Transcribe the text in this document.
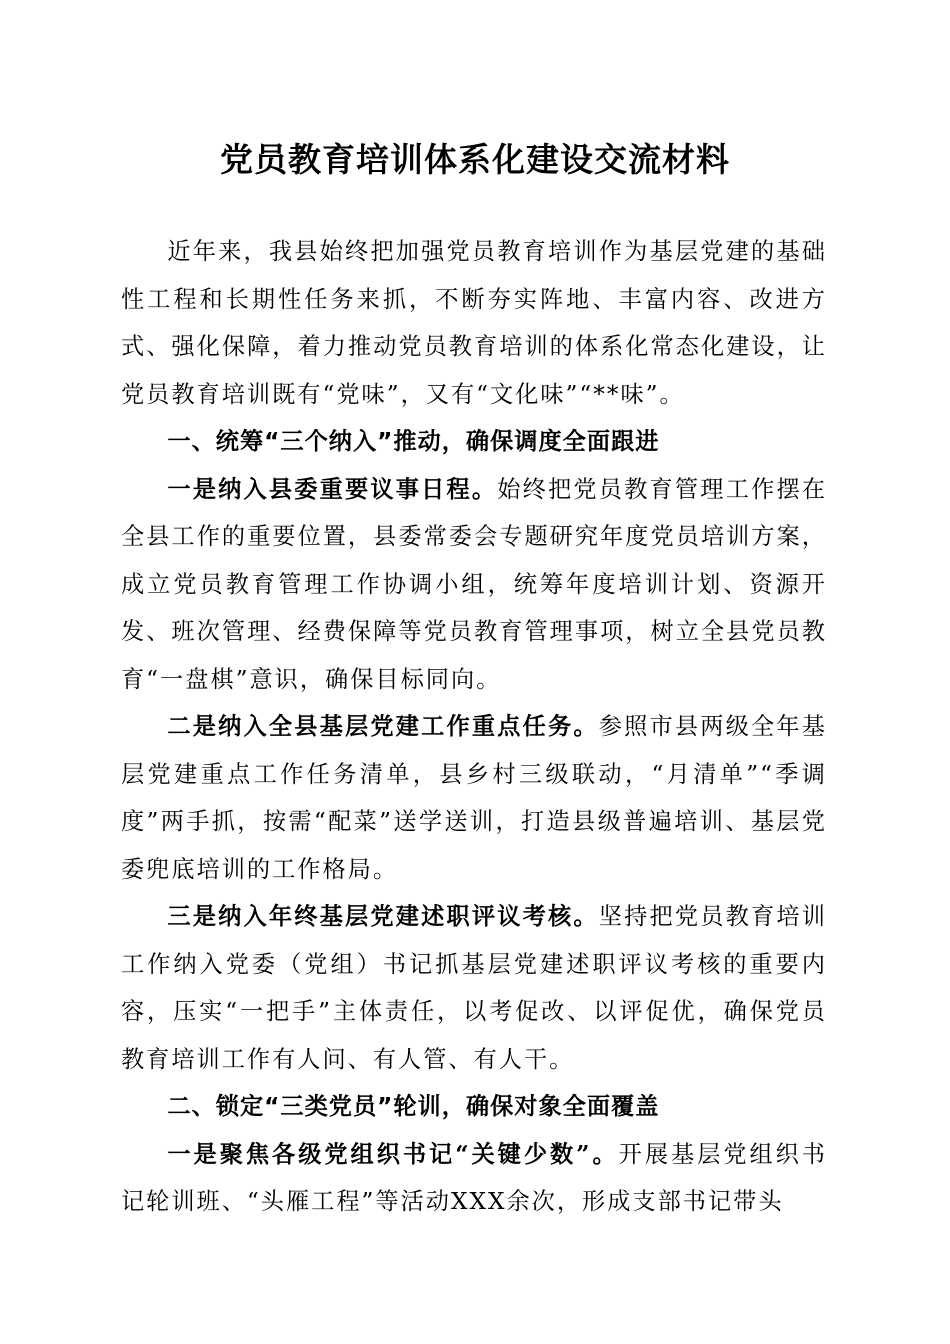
党员教育培训体系化建设交流材料

近年来，我县始终把加强党员教育培训作为基层党建的基础性工程和长期性任务来抓，不断夯实阵地、丰富内容、改进方式、强化保障，着力推动党员教育培训的体系化常态化建设，让党员教育培训既有“党味”，又有“文化味”“**味”。

一、统筹“三个纳入”推动，确保调度全面跟进

一是纳入县委重要议事日程。始终把党员教育管理工作摆在全县工作的重要位置，县委常委会专题研究年度党员培训方案，成立党员教育管理工作协调小组，统筹年度培训计划、资源开发、班次管理、经费保障等党员教育管理事项，树立全县党员教育“一盘棋”意识，确保目标同向。

二是纳入全县基层党建工作重点任务。参照市县两级全年基层党建重点工作任务清单，县乡村三级联动，“月清单”“季调度”两手抓，按需“配菜”送学送训，打造县级普遍培训、基层党委兜底培训的工作格局。

三是纳入年终基层党建述职评议考核。坚持把党员教育培训工作纳入党委（党组）书记抓基层党建述职评议考核的重要内容，压实“一把手”主体责任，以考促改、以评促优，确保党员教育培训工作有人问、有人管、有人干。

二、锁定“三类党员”轮训，确保对象全面覆盖

一是聚焦各级党组织书记“关键少数”。开展基层党组织书记轮训班、“头雁工程”等活动XXX余次，形成支部书记带头
